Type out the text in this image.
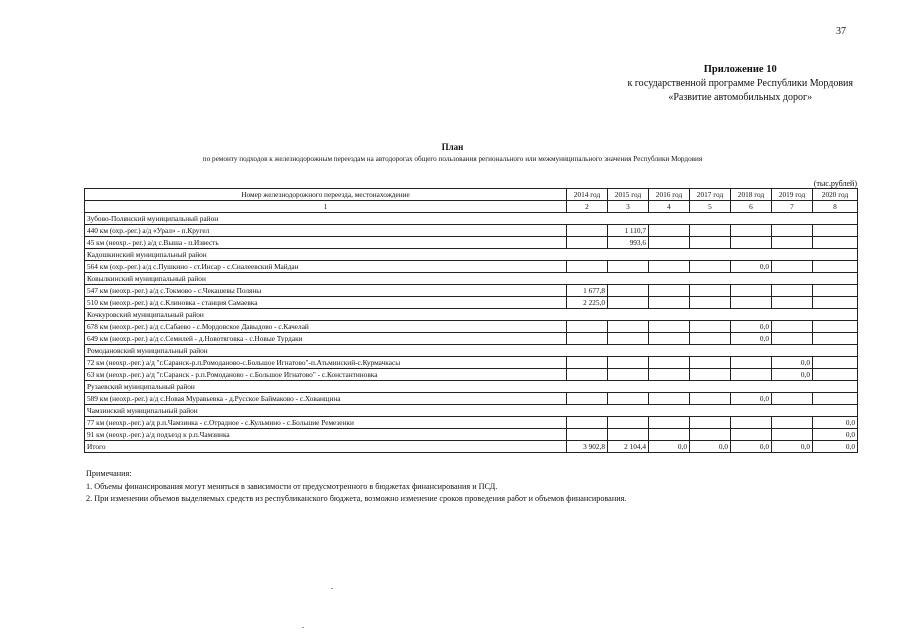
37
Приложение 10
к государственной программе Республики Мордовия
«Развитие автомобильных дорог»
План
по ремонту подходов к железнодорожным переездам на автодорогах общего пользования регионального или межмуниципального значения Республики Мордовия
(тыс.рублей)
Номер железнодорожного переезда, местонахождение	2014 год	2015 год	2016 год	2017 год	2018 год	2019 год	2020 год
1	2	3	4	5	6	7	8
Зубово-Полянский муниципальный район							
440 км (охр.-рег.) а/д «Урал» - п.Кругел		1 110,7					
45 км (неохр.- рег.) а/д с.Выша - п.Известь		993,6					
Кадошкинский муниципальный район							
564 км (охр.-рег.) а/д с.Пушкино - ст.Инсар - с.Сиалеевский Майдан					0,0		
Ковылкинский муниципальный район							
547 км (неохр.-рег.) а/д с.Токмово - с.Чекашевы Поляны	1 677,8						
510 км (неохр.-рег.) а/д с.Клиновка - станция Самаевка	2 225,0						
Кочкуровский муниципальный район							
678 км (неохр.-рег.) а/д с.Сабаево - с.Мордовское Давыдово - с.Качелай					0,0		
649 км (неохр.-рег.) а/д с.Семилей - д.Новотяговка - с.Новые Турдаки					0,0		
Ромодановский муниципальный район							
72 км (неохр.-рег.) а/д "г.Саранск-р.п.Ромоданово-с.Большое Игнатово"-п.Атьминский-с.Курмачкасы						0,0	
63 км (неохр.-рег.) а/д "г.Саранск - р.п.Ромоданово - с.Большое Игнатово" - с.Константиновка						0,0	
Рузаевский муниципальный район							
589 км (неохр.-рег.) а/д с.Новая Муравьевка - д.Русское Баймаково - с.Хованщина					0,0		
Чамзинский муниципальный район							
77 км (неохр.-рег.) а/д р.п.Чамзинка - с.Отрадное - с.Кульмино - с.Большие Ремезенки							0,0
91 км (неохр.-рег.) а/д подъезд к р.п.Чамзинка							0,0
Итого	3 902,8	2 104,4	0,0	0,0	0,0	0,0	0,0
Примечания:
1. Объемы финансирования могут меняться в зависимости от предусмотренного в бюджетах финансирования и ПСД.
2. При изменении объемов выделяемых средств из республиканского бюджета, возможно изменение сроков проведения работ и объемов финансирования.
